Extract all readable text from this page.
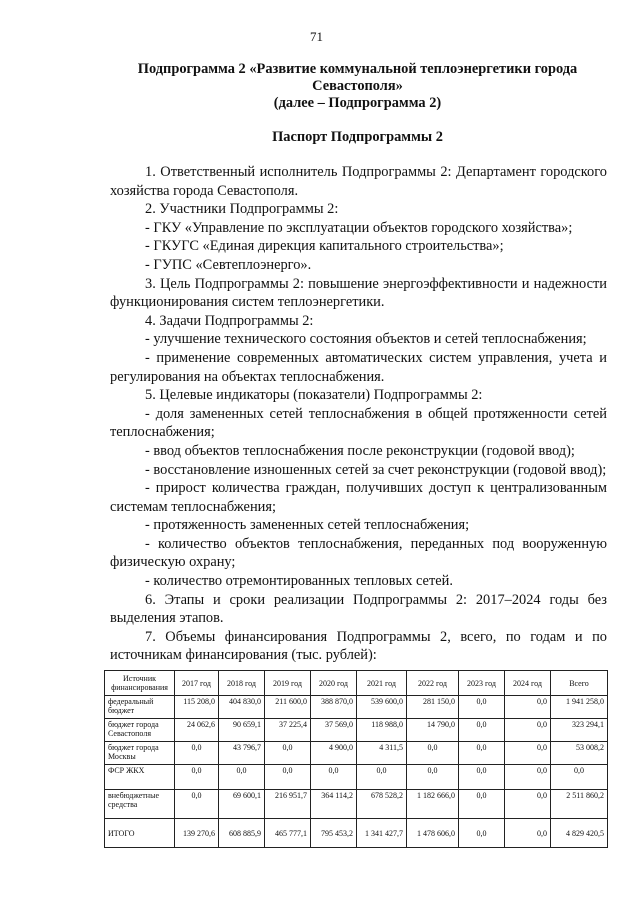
71
Подпрограмма 2 «Развитие коммунальной теплоэнергетики города
Севастополя»
(далее – Подпрограмма 2)
Паспорт Подпрограммы 2

1. Ответственный исполнитель Подпрограммы 2: Департамент городского хозяйства города Севастополя.

2. Участники Подпрограммы 2:

- ГКУ «Управление по эксплуатации объектов городского хозяйства»;

- ГКУГС «Единая дирекция капитального строительства»;

- ГУПС «Севтеплоэнерго».

3. Цель Подпрограммы 2: повышение энергоэффективности и надежности функционирования систем теплоэнергетики.

4. Задачи Подпрограммы 2:

- улучшение технического состояния объектов и сетей теплоснабжения;

- применение современных автоматических систем управления, учета и регулирования на объектах теплоснабжения.

5. Целевые индикаторы (показатели) Подпрограммы 2:

- доля замененных сетей теплоснабжения в общей протяженности сетей теплоснабжения;

- ввод объектов теплоснабжения после реконструкции (годовой ввод);

- восстановление изношенных сетей за счет реконструкции (годовой ввод);

- прирост количества граждан, получивших доступ к централизованным системам теплоснабжения;

- протяженность замененных сетей теплоснабжения;

- количество объектов теплоснабжения, переданных под вооруженную физическую охрану;

- количество отремонтированных тепловых сетей.

6. Этапы и сроки реализации Подпрограммы 2: 2017–2024 годы без выделения этапов.

7. Объемы финансирования Подпрограммы 2, всего, по годам и по источникам финансирования (тыс. рублей):

Источник финансирования	2017 год	2018 год	2019 год	2020 год	2021 год	2022 год	2023 год	2024 год	Всего
федеральный бюджет	115 208,0	404 830,0	211 600,0	388 870,0	539 600,0	281 150,0	0,0	0,0	1 941 258,0
бюджет города Севастополя	24 062,6	90 659,1	37 225,4	37 569,0	118 988,0	14 790,0	0,0	0,0	323 294,1
бюджет города Москвы	0,0	43 796,7	0,0	4 900,0	4 311,5	0,0	0,0	0,0	53 008,2
ФСР ЖКХ	0,0	0,0	0,0	0,0	0,0	0,0	0,0	0,0	0,0
внебюджетные средства	0,0	69 600,1	216 951,7	364 114,2	678 528,2	1 182 666,0	0,0	0,0	2 511 860,2
ИТОГО	139 270,6	608 885,9	465 777,1	795 453,2	1 341 427,7	1 478 606,0	0,0	0,0	4 829 420,5
